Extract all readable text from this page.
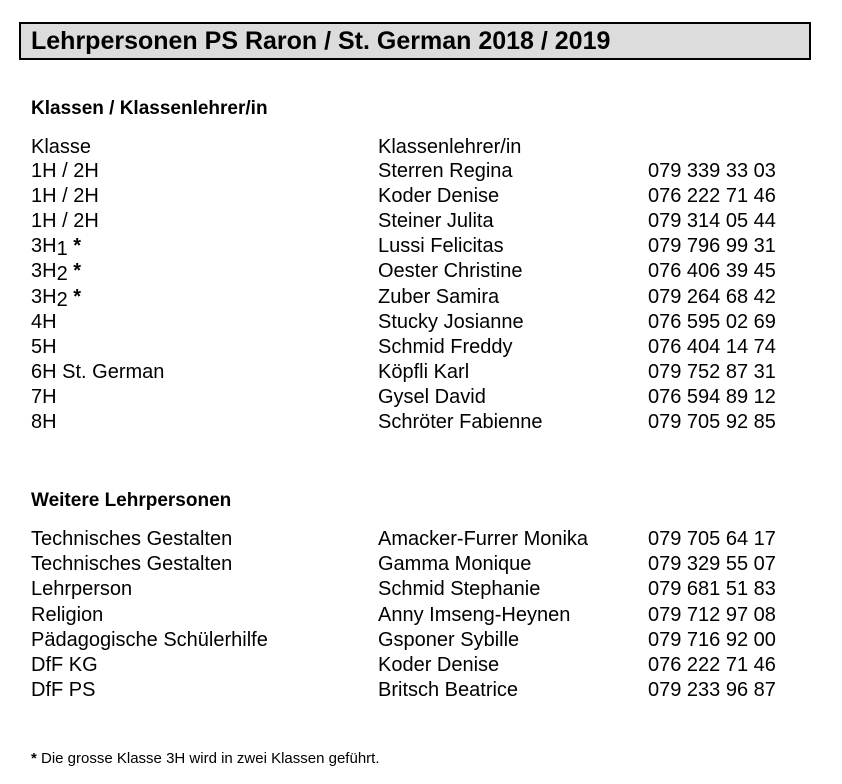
Lehrpersonen PS Raron / St. German 2018 / 2019
Klassen / Klassenlehrer/in
Klasse	Klassenlehrer/in
1H / 2H	Sterren Regina	079 339 33 03
1H / 2H	Koder Denise	076 222 71 46
1H / 2H	Steiner Julita	079 314 05 44
3H1 *	Lussi Felicitas	079 796 99 31
3H2 *	Oester Christine	076 406 39 45
3H2 *	Zuber Samira	079 264 68 42
4H	Stucky Josianne	076 595 02 69
5H	Schmid Freddy	076 404 14 74
6H St. German	Köpfli Karl	079 752 87 31
7H	Gysel David	076 594 89 12
8H	Schröter Fabienne	079 705 92 85
Weitere Lehrpersonen
Technisches Gestalten	Amacker-Furrer Monika	079 705 64 17
Technisches Gestalten	Gamma Monique	079 329 55 07
Lehrperson	Schmid Stephanie	079 681 51 83
Religion	Anny Imseng-Heynen	079 712 97 08
Pädagogische Schülerhilfe	Gsponer Sybille	079 716 92 00
DfF KG	Koder Denise	076 222 71 46
DfF PS	Britsch Beatrice	079 233 96 87
* Die grosse Klasse 3H wird in zwei Klassen geführt.
